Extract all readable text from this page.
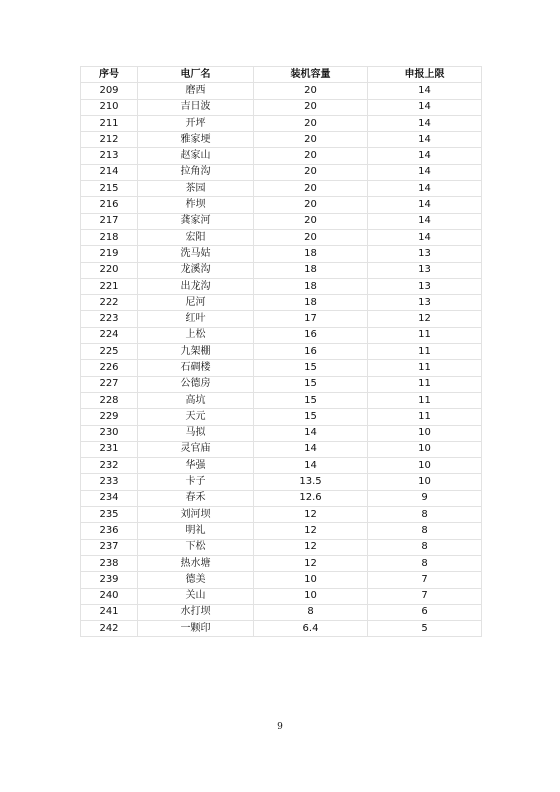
序号	电厂名	装机容量	申报上限
209	磨西	20	14
210	吉日波	20	14
211	开坪	20	14
212	雅家埂	20	14
213	赵家山	20	14
214	拉角沟	20	14
215	茶园	20	14
216	柞坝	20	14
217	龚家河	20	14
218	宏阳	20	14
219	洗马姑	18	13
220	龙溪沟	18	13
221	出龙沟	18	13
222	尼河	18	13
223	红叶	17	12
224	上松	16	11
225	九架棚	16	11
226	石碉楼	15	11
227	公德房	15	11
228	高坑	15	11
229	天元	15	11
230	马拟	14	10
231	灵官庙	14	10
232	华强	14	10
233	卡子	13.5	10
234	春禾	12.6	9
235	刘河坝	12	8
236	明礼	12	8
237	下松	12	8
238	热水塘	12	8
239	德美	10	7
240	关山	10	7
241	水打坝	8	6
242	一颗印	6.4	5
9
